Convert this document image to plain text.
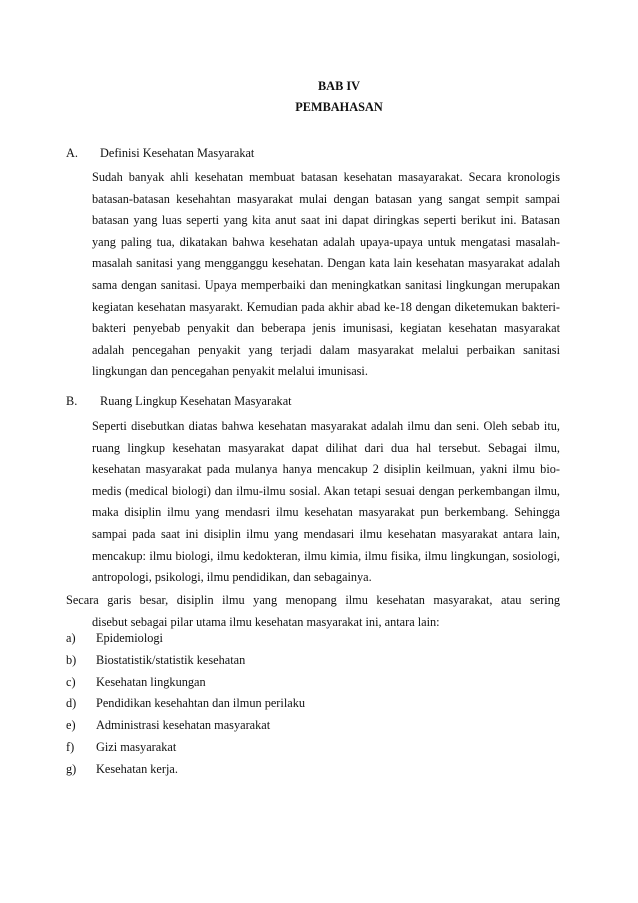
BAB IV
PEMBAHASAN
A. Definisi Kesehatan Masyarakat
Sudah banyak ahli kesehatan membuat batasan kesehatan masayarakat. Secara kronologis batasan-batasan kesehahtan masyarakat mulai dengan batasan yang sangat sempit sampai batasan yang luas seperti yang kita anut saat ini dapat diringkas seperti berikut ini. Batasan yang paling tua, dikatakan bahwa kesehatan adalah upaya-upaya untuk mengatasi masalah-masalah sanitasi yang mengganggu kesehatan. Dengan kata lain kesehatan masyarakat adalah sama dengan sanitasi. Upaya memperbaiki dan meningkatkan sanitasi lingkungan merupakan kegiatan kesehatan masyarakt. Kemudian pada akhir abad ke-18 dengan diketemukan bakteri-bakteri penyebab penyakit dan beberapa jenis imunisasi, kegiatan kesehatan masyarakat adalah pencegahan penyakit yang terjadi dalam masyarakat melalui perbaikan sanitasi lingkungan dan pencegahan penyakit melalui imunisasi.
B. Ruang Lingkup Kesehatan Masyarakat
Seperti disebutkan diatas bahwa kesehatan masyarakat adalah ilmu dan seni. Oleh sebab itu, ruang lingkup kesehatan masyarakat dapat dilihat dari dua hal tersebut. Sebagai ilmu, kesehatan masyarakat pada mulanya hanya mencakup 2 disiplin keilmuan, yakni ilmu bio-medis (medical biologi) dan ilmu-ilmu sosial. Akan tetapi sesuai dengan perkembangan ilmu, maka disiplin ilmu yang mendasri ilmu kesehatan masyarakat pun berkembang. Sehingga sampai pada saat ini disiplin ilmu yang mendasari ilmu kesehatan masyarakat antara lain, mencakup: ilmu biologi, ilmu kedokteran, ilmu kimia, ilmu fisika, ilmu lingkungan, sosiologi, antropologi, psikologi, ilmu pendidikan, dan sebagainya.
Secara garis besar, disiplin ilmu yang menopang ilmu kesehatan masyarakat, atau sering
disebut sebagai pilar utama ilmu kesehatan masyarakat ini, antara lain:
a) Epidemiologi
b) Biostatistik/statistik kesehatan
c) Kesehatan lingkungan
d) Pendidikan kesehahtan dan ilmun perilaku
e) Administrasi kesehatan masyarakat
f) Gizi masyarakat
g) Kesehatan kerja.
